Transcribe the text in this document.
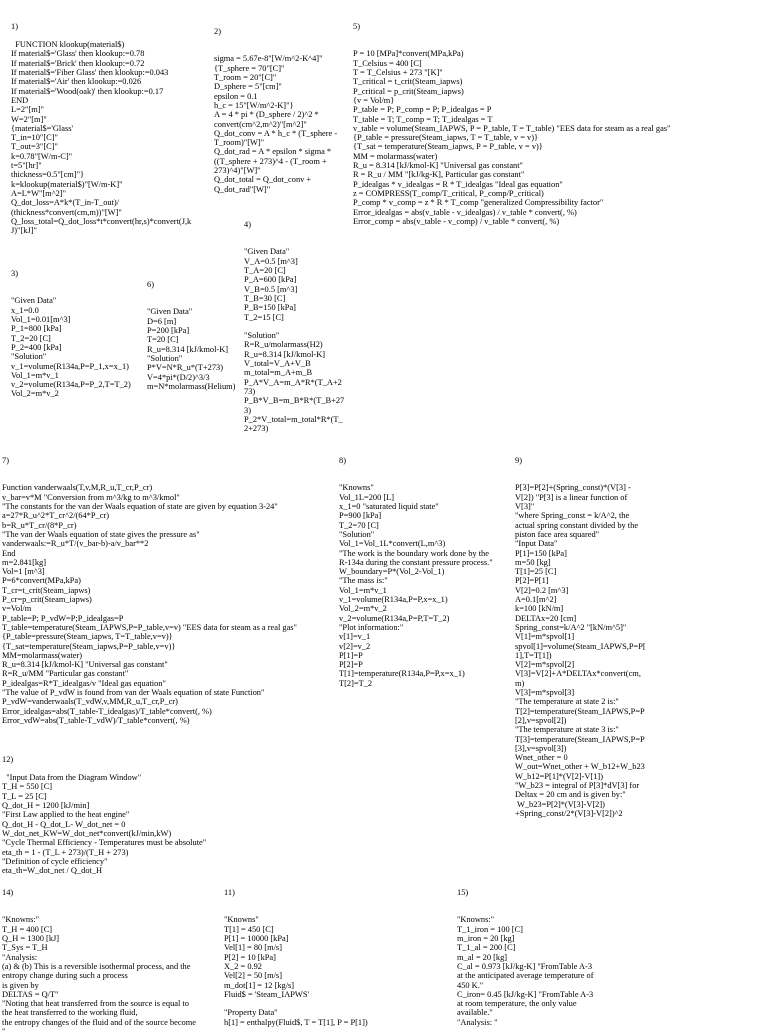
1)

FUNCTION klookup(material$)
If material$='Glass' then klookup:=0.78
If material$='Brick' then klookup:=0.72
If material$='Fiber Glass' then klookup:=0.043
If material$='Air' then klookup:=0.026
If material$='Wood(oak)' then klookup:=0.17
END
L=2"[m]"
W=2"[m]"
{material$='Glass'
T_in=10"[C]"
T_out=3"[C]"
k=0.78"[W/m-C]"
t=5"[hr]"
thickness=0.5"[cm]"}
k=klookup(material$)"[W/m-K]"
A=L*W"[m^2]"
Q_dot_loss=A*k*(T_in-T_out)/
(thickness*convert(cm,m))"[W]"
Q_loss_total=Q_dot_loss*t*convert(hr,s)*convert(J,k
J)"[kJ]"

2)

sigma = 5.67e-8"[W/m^2-K^4]"
{T_sphere = 70"[C]"
T_room = 20"[C]"
D_sphere = 5"[cm]"
epsilon = 0.1
h_c = 15"[W/m^2-K]"}
A = 4 * pi * (D_sphere / 2)^2 *
convert(cm^2,m^2)"[m^2]"
Q_dot_conv = A * h_c * (T_sphere -
T_room)"[W]"
Q_dot_rad = A * epsilon * sigma *
((T_sphere + 273)^4 - (T_room +
273)^4)"[W]"
Q_dot_total = Q_dot_conv +
Q_dot_rad"[W]"

5)

P = 10 [MPa]*convert(MPa,kPa)
T_Celsius = 400 [C]
T = T_Celsius + 273 "[K]"
T_critical = t_crit(Steam_iapws)
P_critical = p_crit(Steam_iapws)
{v = Vol/m}
P_table = P; P_comp = P; P_idealgas = P
T_table = T; T_comp = T; T_idealgas = T
v_table = volume(Steam_IAPWS, P = P_table, T = T_table) "EES data for steam as a real gas"
{P_table = pressure(Steam_iapws, T = T_table, v = v)}
{T_sat = temperature(Steam_iapws, P = P_table, v = v)}
MM = molarmass(water)
R_u = 8.314 [kJ/kmol-K] "Universal gas constant"
R = R_u / MM "[kJ/kg-K], Particular gas constant"
P_idealgas * v_idealgas = R * T_idealgas "Ideal gas equation"
z = COMPRESS(T_comp/T_critical, P_comp/P_critical)
P_comp * v_comp = z * R * T_comp "generalized Compressibility factor"
Error_idealgas = abs(v_table - v_idealgas) / v_table * convert(, %)
Error_comp = abs(v_table - v_comp) / v_table * convert(, %)

4)

"Given Data"
V_A=0.5 [m^3]
T_A=20 [C]
P_A=600 [kPa]
V_B=0.5 [m^3]
T_B=30 [C]
P_B=150 [kPa]
T_2=15 [C]

"Solution"
R=R_u/molarmass(H2)
R_u=8.314 [kJ/kmol-K]
V_total=V_A+V_B
m_total=m_A+m_B
P_A*V_A=m_A*R*(T_A+2
73)
P_B*V_B=m_B*R*(T_B+27
3)
P_2*V_total=m_total*R*(T_
2+273)

3)

"Given Data"
x_1=0.0
Vol_1=0.01[m^3]
P_1=800 [kPa]
T_2=20 [C]
P_2=400 [kPa]
"Solution"
v_1=volume(R134a,P=P_1,x=x_1)
Vol_1=m*v_1
v_2=volume(R134a,P=P_2,T=T_2)
Vol_2=m*v_2

6)

"Given Data"
D=6 [m]
P=200 [kPa]
T=20 [C]
R_u=8.314 [kJ/kmol-K]
"Solution"
P*V=N*R_u*(T+273)
V=4*pi*(D/2)^3/3
m=N*molarmass(Helium)

7)

Function vanderwaals(T,v,M,R_u,T_cr,P_cr)
v_bar=v*M "Conversion from m^3/kg to m^3/kmol"
"The constants for the van der Waals equation of state are given by equation 3-24"
a=27*R_u^2*T_cr^2/(64*P_cr)
b=R_u*T_cr/(8*P_cr)
"The van der Waals equation of state gives the pressure as"
vanderwaals:=R_u*T/(v_bar-b)-a/v_bar**2
End
m=2.841[kg]
Vol=1 [m^3]
P=6*convert(MPa,kPa)
T_cr=t_crit(Steam_iapws)
P_cr=p_crit(Steam_iapws)
v=Vol/m
P_table=P; P_vdW=P;P_idealgas=P
T_table=temperature(Steam_IAPWS,P=P_table,v=v) "EES data for steam as a real gas"
{P_table=pressure(Steam_iapws, T=T_table,v=v)}
{T_sat=temperature(Steam_iapws,P=P_table,v=v)}
MM=molarmass(water)
R_u=8.314 [kJ/kmol-K] "Universal gas constant"
R=R_u/MM "Particular gas constant"
P_idealgas=R*T_idealgas/v "Ideal gas equation"
"The value of P_vdW is found from van der Waals equation of state Function"
P_vdW=vanderwaals(T_vdW,v,MM,R_u,T_cr,P_cr)
Error_idealgas=abs(T_table-T_idealgas)/T_table*convert(, %)
Error_vdW=abs(T_table-T_vdW)/T_table*convert(, %)

8)

"Knowns"
Vol_1L=200 [L]
x_1=0 "saturated liquid state"
P=900 [kPa]
T_2=70 [C]
"Solution"
Vol_1=Vol_1L*convert(L,m^3)
"The work is the boundary work done by the
R-134a during the constant pressure process."
W_boundary=P*(Vol_2-Vol_1)
"The mass is:"
Vol_1=m*v_1
v_1=volume(R134a,P=P,x=x_1)
Vol_2=m*v_2
v_2=volume(R134a,P=P,T=T_2)
"Plot information:"
v[1]=v_1
v[2]=v_2
P[1]=P
P[2]=P
T[1]=temperature(R134a,P=P,x=x_1)
T[2]=T_2

9)

P[3]=P[2]+(Spring_const)*(V[3] -
V[2]) "P[3] is a linear function of
V[3]"
"where Spring_const = k/A^2, the
actual spring constant divided by the
piston face area squared"
"Input Data"
P[1]=150 [kPa]
m=50 [kg]
T[1]=25 [C]
P[2]=P[1]
V[2]=0.2 [m^3]
A=0.1[m^2]
k=100 [kN/m]
DELTAx=20 [cm]
Spring_const=k/A^2 "[kN/m^5]"
V[1]=m*spvol[1]
spvol[1]=volume(Steam_IAPWS,P=P[
1],T=T[1])
V[2]=m*spvol[2]
V[3]=V[2]+A*DELTAx*convert(cm,
m)
V[3]=m*spvol[3]
"The temperature at state 2 is:"
T[2]=temperature(Steam_IAPWS,P=P
[2],v=spvol[2])
"The temperature at state 3 is:"
T[3]=temperature(Steam_IAPWS,P=P
[3],v=spvol[3])
Wnet_other = 0
W_out=Wnet_other + W_b12+W_b23
W_b12=P[1]*(V[2]-V[1])
"W_b23 = integral of P[3]*dV[3] for
Deltax = 20 cm and is given by:"
W_b23=P[2]*(V[3]-V[2])
+Spring_const/2*(V[3]-V[2])^2

12)

"Input Data from the Diagram Window"
T_H = 550 [C]
T_L = 25 [C]
Q_dot_H = 1200 [kJ/min]
"First Law applied to the heat engine"
Q_dot_H - Q_dot_L- W_dot_net = 0
W_dot_net_KW=W_dot_net*convert(kJ/min,kW)
"Cycle Thermal Efficiency - Temperatures must be absolute"
eta_th = 1 - (T_L + 273)/(T_H + 273)
"Definition of cycle efficiency"
eta_th=W_dot_net / Q_dot_H

14)

"Knowns:"
T_H = 400 [C]
Q_H = 1300 [kJ]
T_Sys = T_H
"Analysis:
(a) & (b) This is a reversible isothermal process, and the
entropy change during such a process
is given by
DELTAS = Q/T"
"Noting that heat transferred from the source is equal to
the heat transferred to the working fluid,
the entropy changes of the fluid and of the source become
"

11)

"Knowns"
T[1] = 450 [C]
P[1] = 10000 [kPa]
Vel[1] = 80 [m/s]
P[2] = 10 [kPa]
X_2 = 0.92
Vel[2] = 50 [m/s]
m_dot[1] = 12 [kg/s]
Fluid$ = 'Steam_IAPWS'

"Property Data"
h[1] = enthalpy(Fluid$, T = T[1], P = P[1])

15)

"Knowns:"
T_1_iron = 100 [C]
m_iron = 20 [kg]
T_1_al = 200 [C]
m_al = 20 [kg]
C_al = 0.973 [kJ/kg-K] "FromTable A-3
at the anticipated average temperature of
450 K."
C_iron= 0.45 [kJ/kg-K] "FromTable A-3
at room temperature, the only value
available."
"Analysis: "
